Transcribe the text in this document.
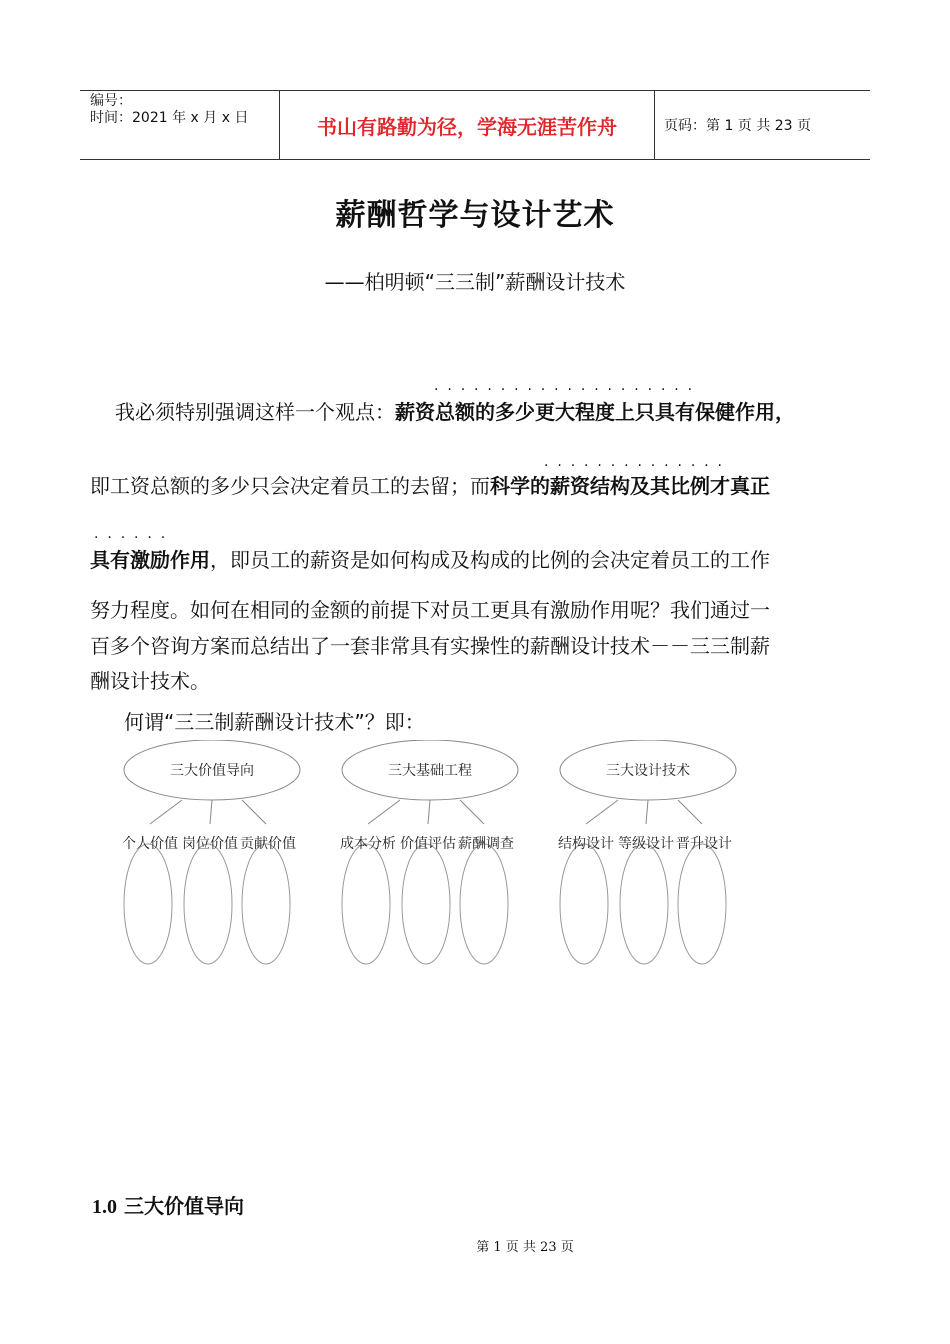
编号：
时间：2021 年 x 月 x 日	书山有路勤为径，学海无涯苦作舟	页码：第 1 页 共 23 页
薪酬哲学与设计艺术
——柏明顿“三三制”薪酬设计技术
·  ·  ·  ·  ·  ·  ·  ·  ·  ·  ·  ·  ·  ·  ·  ·  ·  ·  ·  ·
我必须特别强调这样一个观点：薪资总额的多少更大程度上只具有保健作用，
·  ·  ·  ·  ·  ·  ·  ·  ·  ·  ·  ·  ·  ·
即工资总额的多少只会决定着员工的去留；而科学的薪资结构及其比例才真正
·  ·  ·  ·  ·  ·
具有激励作用，即员工的薪资是如何构成及构成的比例的会决定着员工的工作
努力程度。如何在相同的金额的前提下对员工更具有激励作用呢？我们通过一
百多个咨询方案而总结出了一套非常具有实操性的薪酬设计技术－－三三制薪
酬设计技术。
何谓“三三制薪酬设计技术”？即：
三大价值导向
个人价值 岗位价值 贡献价值
三大基础工程
成本分析 价值评估 薪酬调查
三大设计技术
结构设计 等级设计 晋升设计
1.0 三大价值导向
第 1 页 共 23 页
